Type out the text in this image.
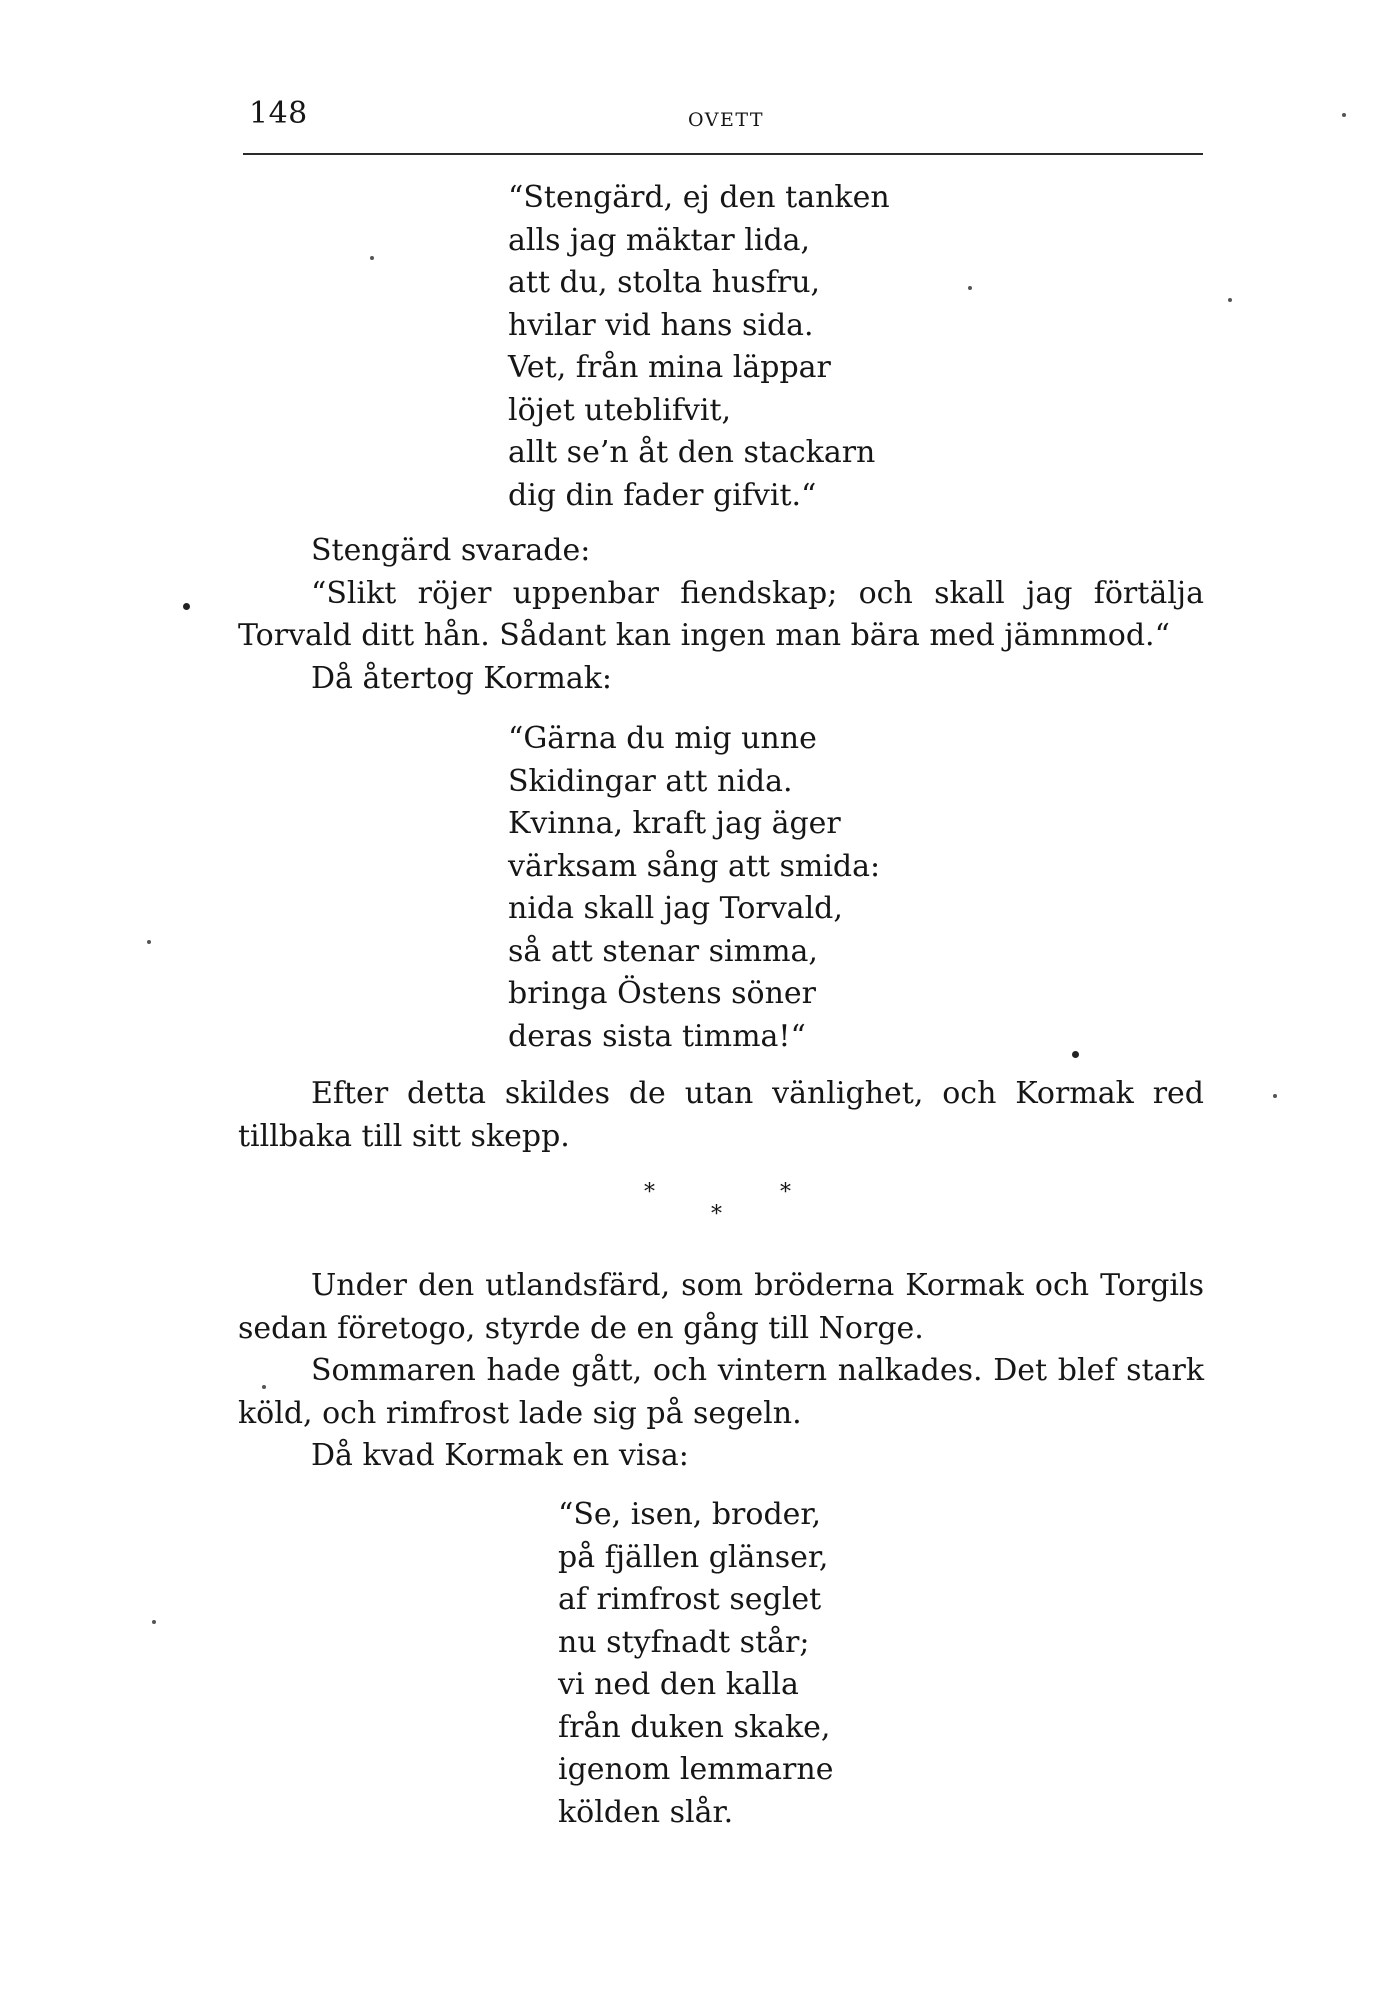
148	OVETT
“Stengärd, ej den tanken
alls jag mäktar lida,
att du, stolta husfru,
hvilar vid hans sida.
Vet, från mina läppar
löjet uteblifvit,
allt se’n åt den stackarn
dig din fader gifvit.“
Stengärd svarade:
“Slikt röjer uppenbar fiendskap; och skall jag förtälja Torvald ditt hån. Sådant kan ingen man bära med jämnmod.“
Då återtog Kormak:
“Gärna du mig unne
Skidingar att nida.
Kvinna, kraft jag äger
värksam sång att smida:
nida skall jag Torvald,
så att stenar simma,
bringa Östens söner
deras sista timma!“
Efter detta skildes de utan vänlighet, och Kormak red tillbaka till sitt skepp.
*	*
*
Under den utlandsfärd, som bröderna Kormak och Torgils sedan företogo, styrde de en gång till Norge.
Sommaren hade gått, och vintern nalkades. Det blef stark köld, och rimfrost lade sig på segeln.
Då kvad Kormak en visa:
“Se, isen, broder,
på fjällen glänser,
af rimfrost seglet
nu styfnadt står;
vi ned den kalla
från duken skake,
igenom lemmarne
kölden slår.
